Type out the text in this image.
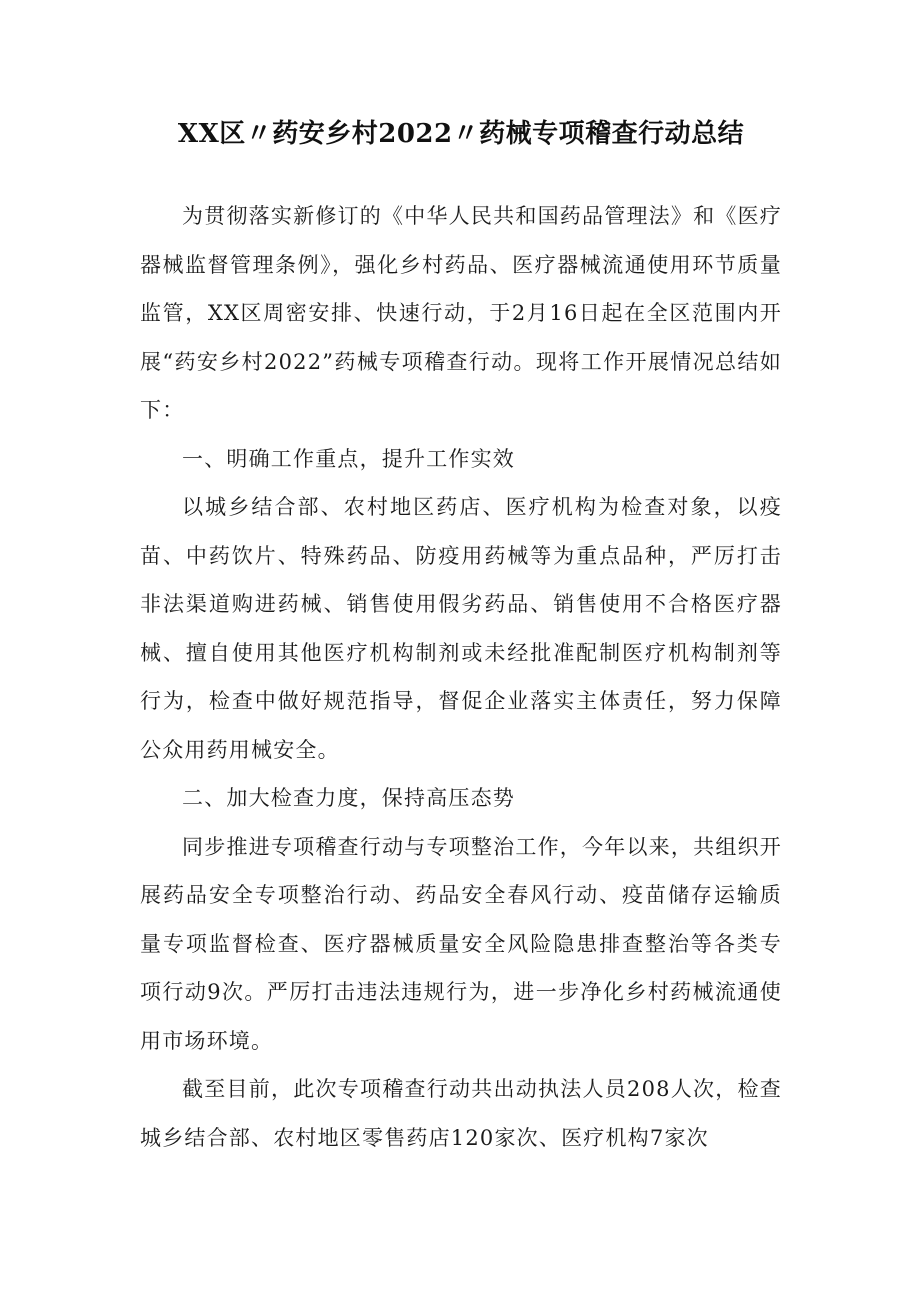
XX区〃药安乡村2022〃药械专项稽查行动总结

为贯彻落实新修订的《中华人民共和国药品管理法》和《医疗器械监督管理条例》，强化乡村药品、医疗器械流通使用环节质量监管，XX区周密安排、快速行动，于2月16日起在全区范围内开展“药安乡村2022”药械专项稽查行动。现将工作开展情况总结如下：

一、明确工作重点，提升工作实效

以城乡结合部、农村地区药店、医疗机构为检查对象，以疫苗、中药饮片、特殊药品、防疫用药械等为重点品种，严厉打击非法渠道购进药械、销售使用假劣药品、销售使用不合格医疗器械、擅自使用其他医疗机构制剂或未经批准配制医疗机构制剂等行为，检查中做好规范指导，督促企业落实主体责任，努力保障公众用药用械安全。

二、加大检查力度，保持高压态势

同步推进专项稽查行动与专项整治工作，今年以来，共组织开展药品安全专项整治行动、药品安全春风行动、疫苗储存运输质量专项监督检查、医疗器械质量安全风险隐患排查整治等各类专项行动9次。严厉打击违法违规行为，进一步净化乡村药械流通使用市场环境。

截至目前，此次专项稽查行动共出动执法人员208人次，检查城乡结合部、农村地区零售药店120家次、医疗机构7家次
